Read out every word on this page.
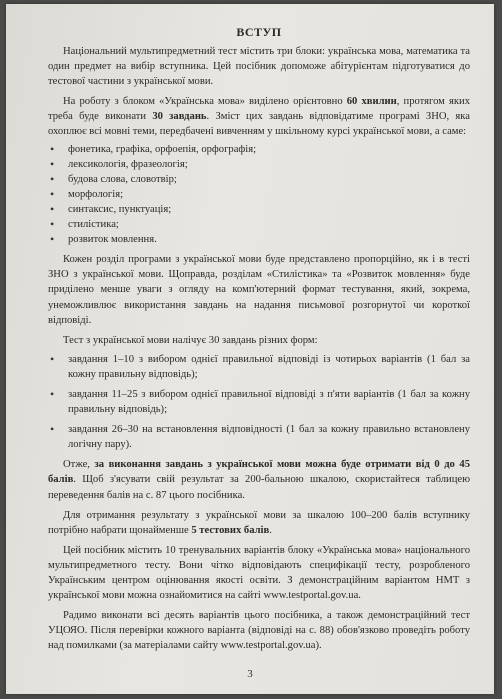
ВСТУП

Національний мультипредметний тест містить три блоки: українська мова, математика та один предмет на вибір вступника. Цей посібник допоможе абітурієнтам підготуватися до тестової частини з української мови.

На роботу з блоком «Українська мова» виділено орієнтовно 60 хвилин, протягом яких треба буде виконати 30 завдань. Зміст цих завдань відповідатиме програмі ЗНО, яка охоплює всі мовні теми, передбачені вивченням у шкільному курсі української мови, а саме:

• фонетика, графіка, орфоепія, орфографія;
• лексикологія, фразеологія;
• будова слова, словотвір;
• морфологія;
• синтаксис, пунктуація;
• стилістика;
• розвиток мовлення.

Кожен розділ програми з української мови буде представлено пропорційно, як і в тесті ЗНО з української мови. Щоправда, розділам «Стилістика» та «Розвиток мовлення» буде приділено менше уваги з огляду на комп'ютерний формат тестування, який, зокрема, унеможливлює використання завдань на надання письмової розгорнутої чи короткої відповіді.

Тест з української мови налічує 30 завдань різних форм:

• завдання 1–10 з вибором однієї правильної відповіді із чотирьох варіантів (1 бал за кожну правильну відповідь);
• завдання 11–25 з вибором однієї правильної відповіді з п'яти варіантів (1 бал за кожну правильну відповідь);
• завдання 26–30 на встановлення відповідності (1 бал за кожну правильно встановлену логічну пару).

Отже, за виконання завдань з української мови можна буде отримати від 0 до 45 балів. Щоб з'ясувати свій результат за 200-бальною шкалою, скористайтеся таблицею переведення балів на с. 87 цього посібника.

Для отримання результату з української мови за шкалою 100–200 балів вступнику потрібно набрати щонайменше 5 тестових балів.

Цей посібник містить 10 тренувальних варіантів блоку «Українська мова» національного мультипредметного тесту. Вони чітко відповідають специфікації тесту, розробленого Українським центром оцінювання якості освіти. З демонстраційним варіантом НМТ з української мови можна ознайомитися на сайті www.testportal.gov.ua.

Радимо виконати всі десять варіантів цього посібника, а також демонстраційний тест УЦОЯО. Після перевірки кожного варіанта (відповіді на с. 88) обов'язково проведіть роботу над помилками (за матеріалами сайту www.testportal.gov.ua).

3
